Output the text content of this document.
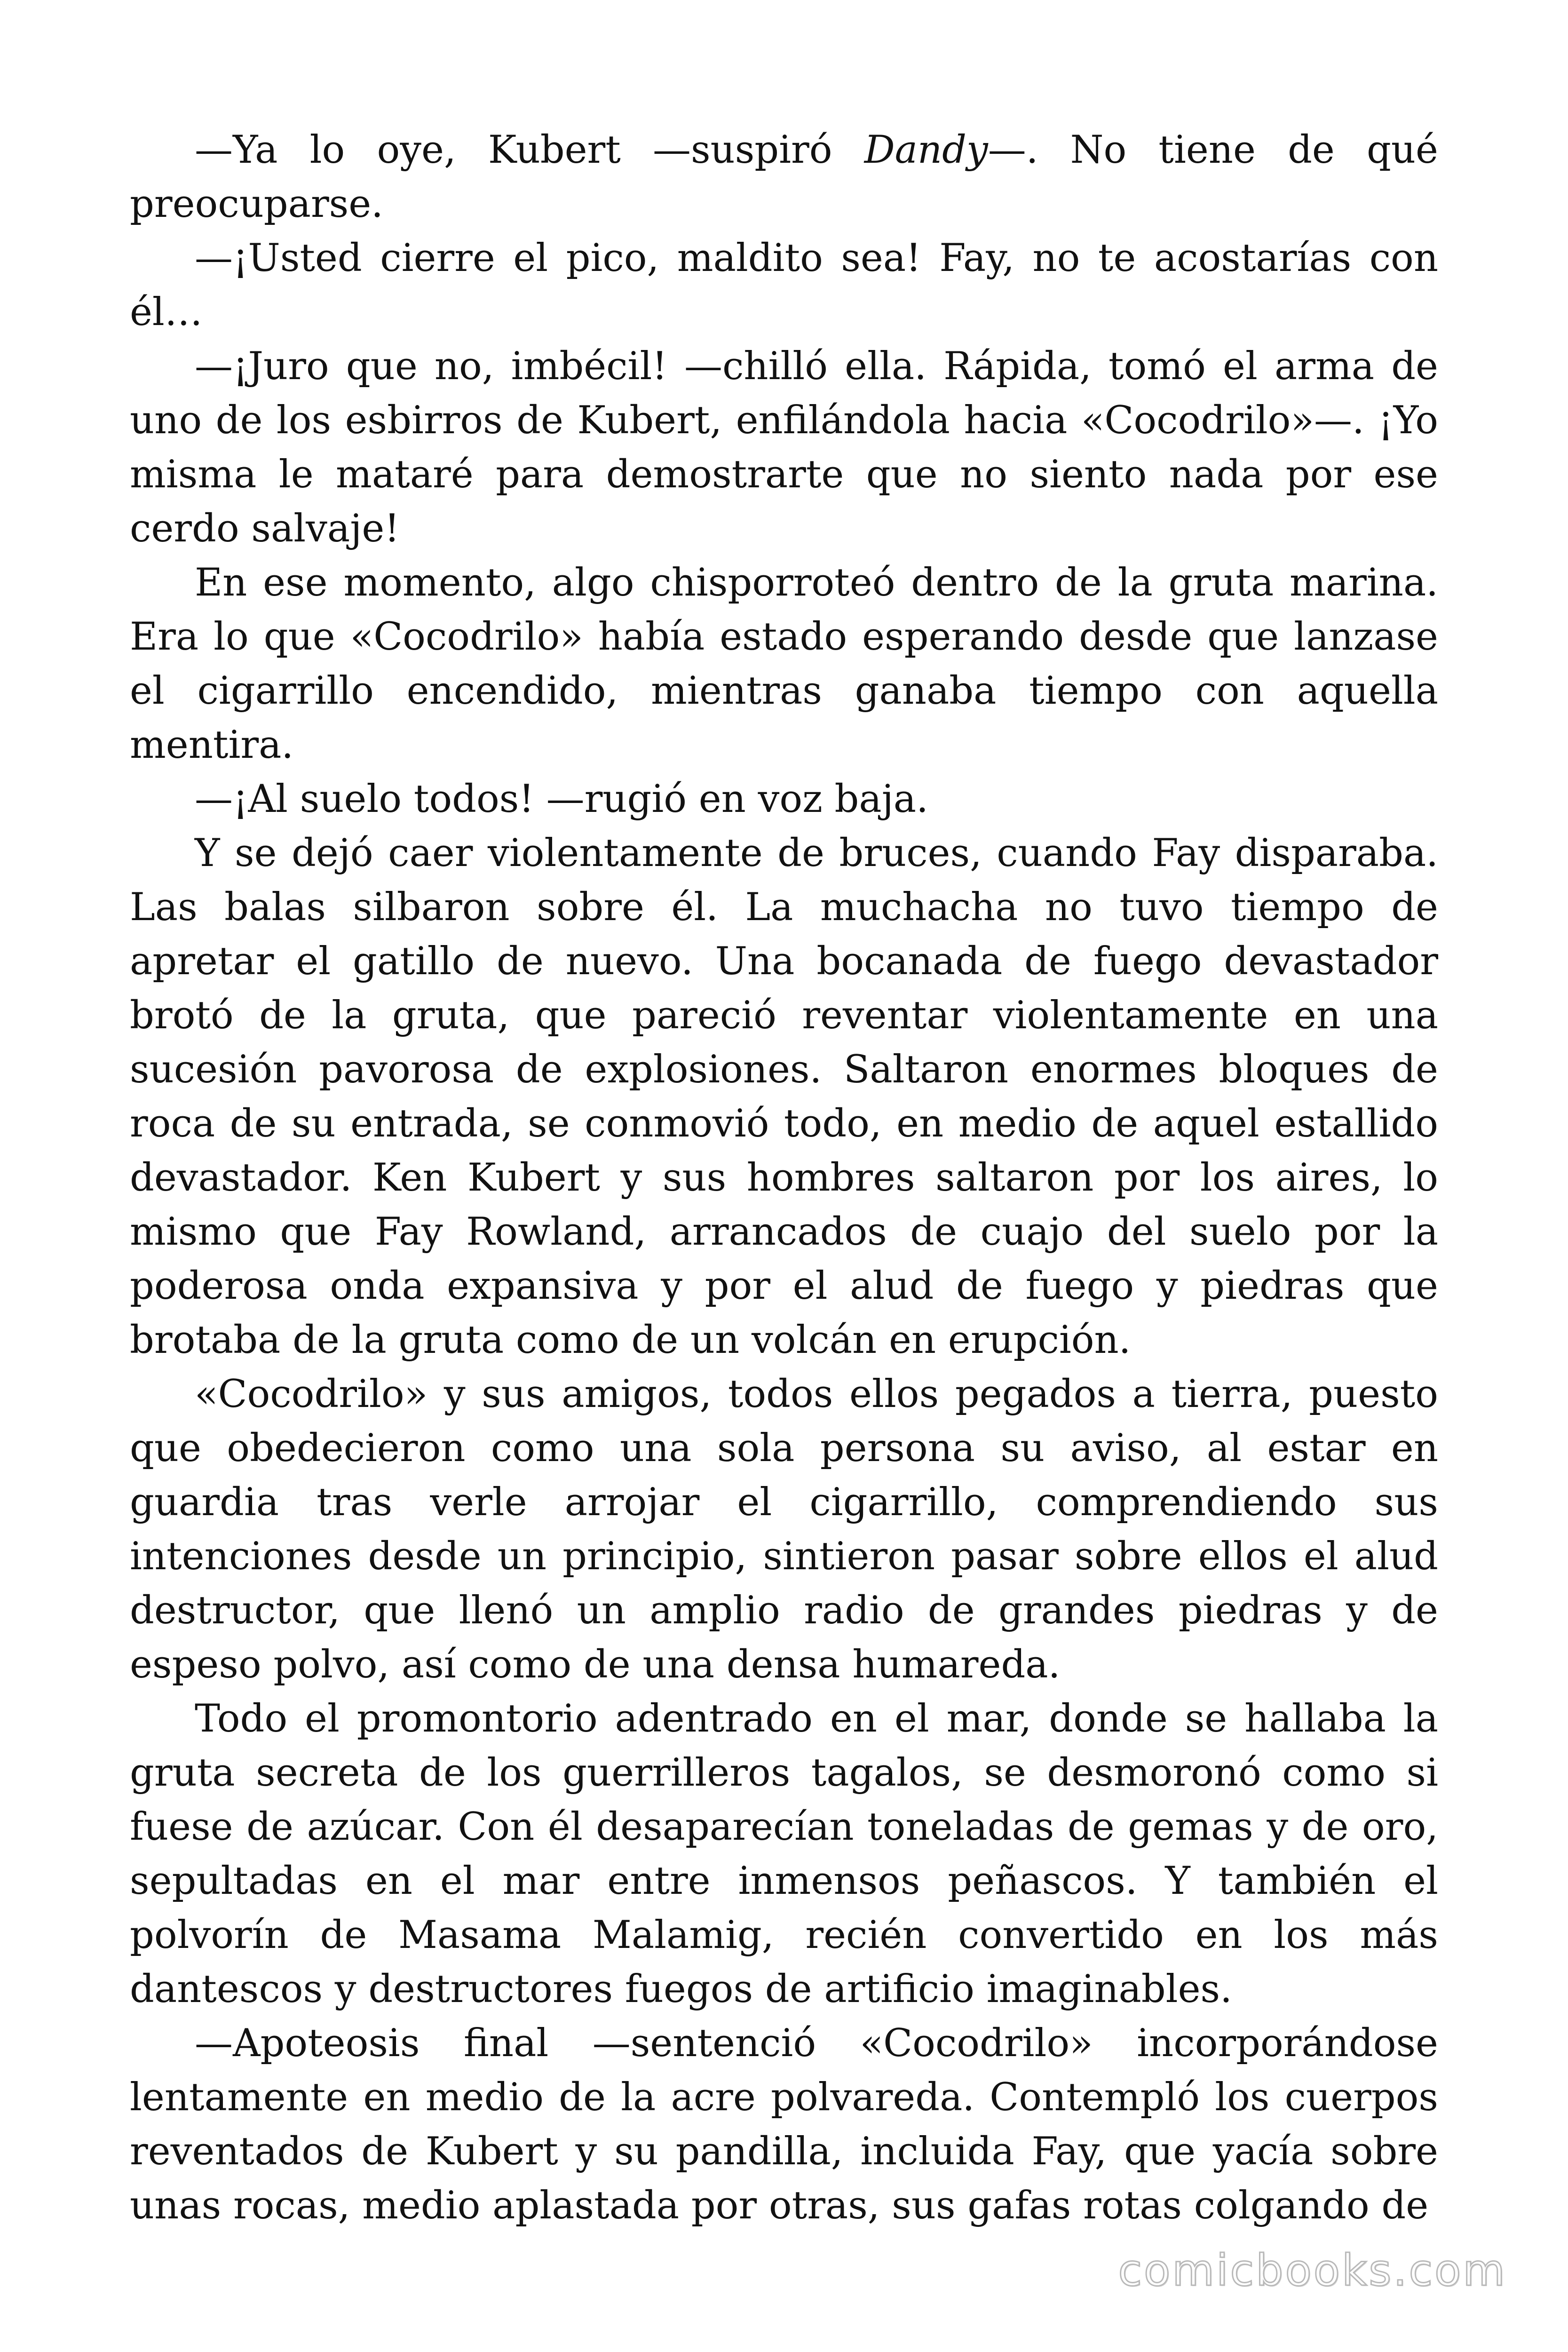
—Ya lo oye, Kubert —suspiró Dandy—. No tiene de qué preocuparse.

—¡Usted cierre el pico, maldito sea! Fay, no te acostarías con él…

—¡Juro que no, imbécil! —chilló ella. Rápida, tomó el arma de uno de los esbirros de Kubert, enfilándola hacia «Cocodrilo»—. ¡Yo misma le mataré para demostrarte que no siento nada por ese cerdo salvaje!

En ese momento, algo chisporroteó dentro de la gruta marina. Era lo que «Cocodrilo» había estado esperando desde que lanzase el cigarrillo encendido, mientras ganaba tiempo con aquella mentira.

—¡Al suelo todos! —rugió en voz baja.

Y se dejó caer violentamente de bruces, cuando Fay disparaba. Las balas silbaron sobre él. La muchacha no tuvo tiempo de apretar el gatillo de nuevo. Una bocanada de fuego devastador brotó de la gruta, que pareció reventar violentamente en una sucesión pavorosa de explosiones. Saltaron enormes bloques de roca de su entrada, se conmovió todo, en medio de aquel estallido devastador. Ken Kubert y sus hombres saltaron por los aires, lo mismo que Fay Rowland, arrancados de cuajo del suelo por la poderosa onda expansiva y por el alud de fuego y piedras que brotaba de la gruta como de un volcán en erupción.

«Cocodrilo» y sus amigos, todos ellos pegados a tierra, puesto que obedecieron como una sola persona su aviso, al estar en guardia tras verle arrojar el cigarrillo, comprendiendo sus intenciones desde un principio, sintieron pasar sobre ellos el alud destructor, que llenó un amplio radio de grandes piedras y de espeso polvo, así como de una densa humareda.

Todo el promontorio adentrado en el mar, donde se hallaba la gruta secreta de los guerrilleros tagalos, se desmoronó como si fuese de azúcar. Con él desaparecían toneladas de gemas y de oro, sepultadas en el mar entre inmensos peñascos. Y también el polvorín de Masama Malamig, recién convertido en los más dantescos y destructores fuegos de artificio imaginables.

—Apoteosis final —sentenció «Cocodrilo» incorporándose lentamente en medio de la acre polvareda. Contempló los cuerpos reventados de Kubert y su pandilla, incluida Fay, que yacía sobre unas rocas, medio aplastada por otras, sus gafas rotas colgando de

comicbooks.com
